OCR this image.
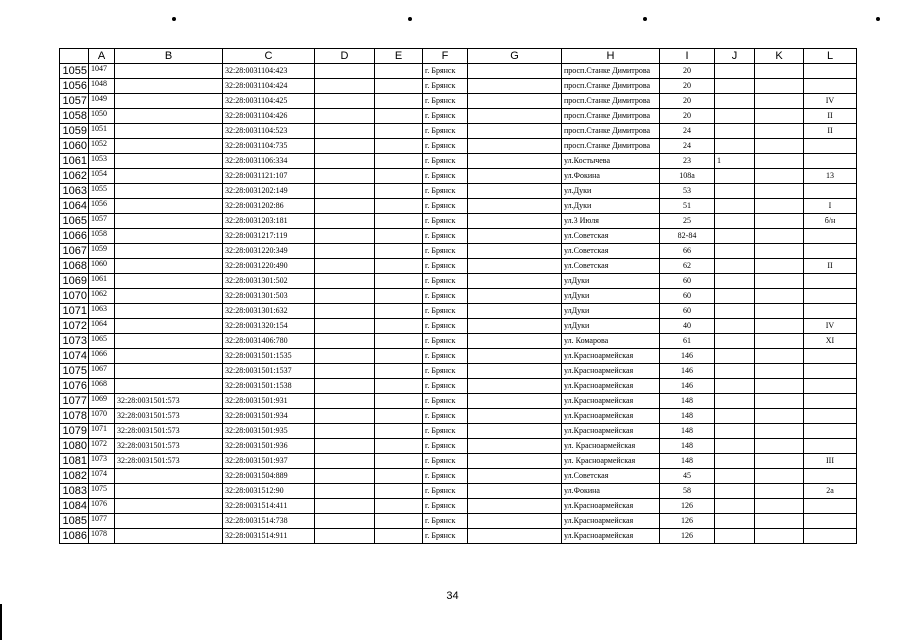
	A	B	C	D	E	F	G	H	I	J	K	L
1055	1047		32:28:0031104:423			г. Брянск		просп.Станке Димитрова	20			
1056	1048		32:28:0031104:424			г. Брянск		просп.Станке Димитрова	20			
1057	1049		32:28:0031104:425			г. Брянск		просп.Станке Димитрова	20			IV
1058	1050		32:28:0031104:426			г. Брянск		просп.Станке Димитрова	20			II
1059	1051		32:28:0031104:523			г. Брянск		просп.Станке Димитрова	24			II
1060	1052		32:28:0031104:735			г. Брянск		просп.Станке Димитрова	24			
1061	1053		32:28:0031106:334			г. Брянск		ул.Костычева	23	1		
1062	1054		32:28:0031121:107			г. Брянск		ул.Фокина	108а			13
1063	1055		32:28:0031202:149			г. Брянск		ул.Дуки	53			
1064	1056		32:28:0031202:86			г. Брянск		ул.Дуки	51			I
1065	1057		32:28:0031203:181			г. Брянск		ул.3 Июля	25			б/н
1066	1058		32:28:0031217:119			г. Брянск		ул.Советская	82-84			
1067	1059		32:28:0031220:349			г. Брянск		ул.Советская	66			
1068	1060		32:28:0031220:490			г. Брянск		ул.Советская	62			II
1069	1061		32:28:0031301:502			г. Брянск		улДуки	60			
1070	1062		32:28:0031301:503			г. Брянск		улДуки	60			
1071	1063		32:28:0031301:632			г. Брянск		улДуки	60			
1072	1064		32:28:0031320:154			г. Брянск		улДуки	40			IV
1073	1065		32:28:0031406:780			г. Брянск		ул. Комарова	61			XI
1074	1066		32:28:0031501:1535			г. Брянск		ул.Красноармейская	146			
1075	1067		32:28:0031501:1537			г. Брянск		ул.Красноармейская	146			
1076	1068		32:28:0031501:1538			г. Брянск		ул.Красноармейская	146			
1077	1069	32:28:0031501:573	32:28:0031501:931			г. Брянск		ул.Красноармейская	148			
1078	1070	32:28:0031501:573	32:28:0031501:934			г. Брянск		ул.Красноармейская	148			
1079	1071	32:28:0031501:573	32:28:0031501:935			г. Брянск		ул.Красноармейская	148			
1080	1072	32:28:0031501:573	32:28:0031501:936			г. Брянск		ул. Красноармейская	148			
1081	1073	32:28:0031501:573	32:28:0031501:937			г. Брянск		ул. Красноармейская	148			III
1082	1074		32:28:0031504:889			г. Брянск		ул.Советская	45			
1083	1075		32:28:0031512:90			г. Брянск		ул.Фокина	58			2а
1084	1076		32:28:0031514:411			г. Брянск		ул.Красноармейская	126			
1085	1077		32:28:0031514:738			г. Брянск		ул.Красноармейская	126			
1086	1078		32:28:0031514:911			г. Брянск		ул.Красноармейская	126			
34
